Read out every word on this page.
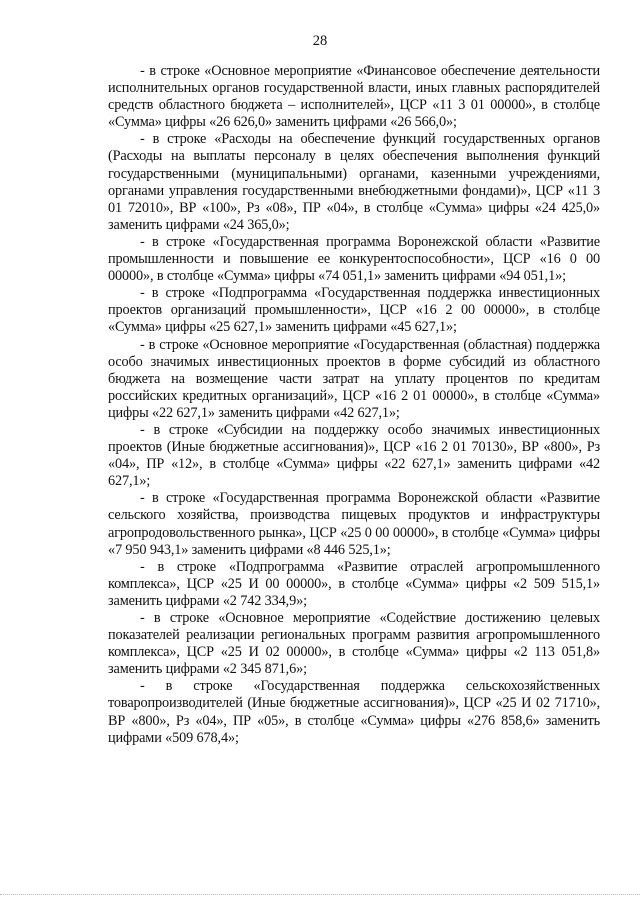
28

- в строке «Основное мероприятие «Финансовое обеспечение деятельности исполнительных органов государственной власти, иных главных распорядителей средств областного бюджета – исполнителей», ЦСР «11 3 01 00000», в столбце «Сумма» цифры «26 626,0» заменить цифрами «26 566,0»;

- в строке «Расходы на обеспечение функций государственных органов (Расходы на выплаты персоналу в целях обеспечения выполнения функций государственными (муниципальными) органами, казенными учреждениями, органами управления государственными внебюджетными фондами)», ЦСР «11 3 01 72010», ВР «100», Рз «08», ПР «04», в столбце «Сумма» цифры «24 425,0» заменить цифрами «24 365,0»;

- в строке «Государственная программа Воронежской области «Развитие промышленности и повышение ее конкурентоспособности», ЦСР «16 0 00 00000», в столбце «Сумма» цифры «74 051,1» заменить цифрами «94 051,1»;

- в строке «Подпрограмма «Государственная поддержка инвестиционных проектов организаций промышленности», ЦСР «16 2 00 00000», в столбце «Сумма» цифры «25 627,1» заменить цифрами «45 627,1»;

- в строке «Основное мероприятие «Государственная (областная) поддержка особо значимых инвестиционных проектов в форме субсидий из областного бюджета на возмещение части затрат на уплату процентов по кредитам российских кредитных организаций», ЦСР «16 2 01 00000», в столбце «Сумма» цифры «22 627,1» заменить цифрами «42 627,1»;

- в строке «Субсидии на поддержку особо значимых инвестиционных проектов (Иные бюджетные ассигнования)», ЦСР «16 2 01 70130», ВР «800», Рз «04», ПР «12», в столбце «Сумма» цифры «22 627,1» заменить цифрами «42 627,1»;

- в строке «Государственная программа Воронежской области «Развитие сельского хозяйства, производства пищевых продуктов и инфраструктуры агропродовольственного рынка», ЦСР «25 0 00 00000», в столбце «Сумма» цифры «7 950 943,1» заменить цифрами «8 446 525,1»;

- в строке «Подпрограмма «Развитие отраслей агропромышленного комплекса», ЦСР «25 И 00 00000», в столбце «Сумма» цифры «2 509 515,1» заменить цифрами «2 742 334,9»;

- в строке «Основное мероприятие «Содействие достижению целевых показателей реализации региональных программ развития агропромышленного комплекса», ЦСР «25 И 02 00000», в столбце «Сумма» цифры «2 113 051,8» заменить цифрами «2 345 871,6»;

- в строке «Государственная поддержка сельскохозяйственных товаропроизводителей (Иные бюджетные ассигнования)», ЦСР «25 И 02 71710», ВР «800», Рз «04», ПР «05», в столбце «Сумма» цифры «276 858,6» заменить цифрами «509 678,4»;
